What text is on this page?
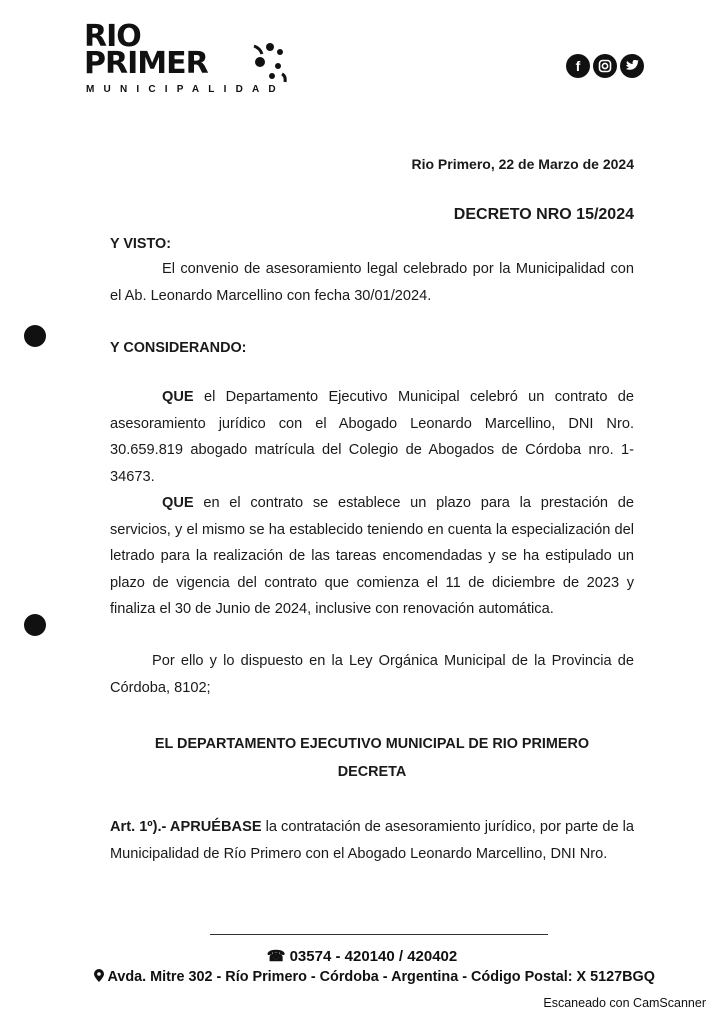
RIO
PRIMER
MUNICIPALIDAD
f
Rio Primero, 22 de Marzo de 2024
DECRETO NRO 15/2024
Y VISTO:

El convenio de asesoramiento legal celebrado por la Municipalidad con el Ab. Leonardo Marcellino con fecha 30/01/2024.

Y CONSIDERANDO:

QUE el Departamento Ejecutivo Municipal celebró un contrato de asesoramiento jurídico con el Abogado Leonardo Marcellino, DNI Nro. 30.659.819 abogado matrícula del Colegio de Abogados de Córdoba nro. 1-34673.

QUE en el contrato se establece un plazo para la prestación de servicios, y el mismo se ha establecido teniendo en cuenta la especialización del letrado para la realización de las tareas encomendadas y se ha estipulado un plazo de vigencia del contrato que comienza el 11 de diciembre de 2023 y finaliza el 30 de Junio de 2024, inclusive con renovación automática.

Por ello y lo dispuesto en la Ley Orgánica Municipal de la Provincia de Córdoba, 8102;

EL DEPARTAMENTO EJECUTIVO MUNICIPAL DE RIO PRIMERO
DECRETA

Art. 1º).- APRUÉBASE la contratación de asesoramiento jurídico, por parte de la Municipalidad de Río Primero con el Abogado Leonardo Marcellino, DNI Nro.

☎ 03574 - 420140 / 420402
Avda. Mitre 302 - Río Primero - Córdoba - Argentina - Código Postal: X 5127BGQ
Escaneado con CamScanner
